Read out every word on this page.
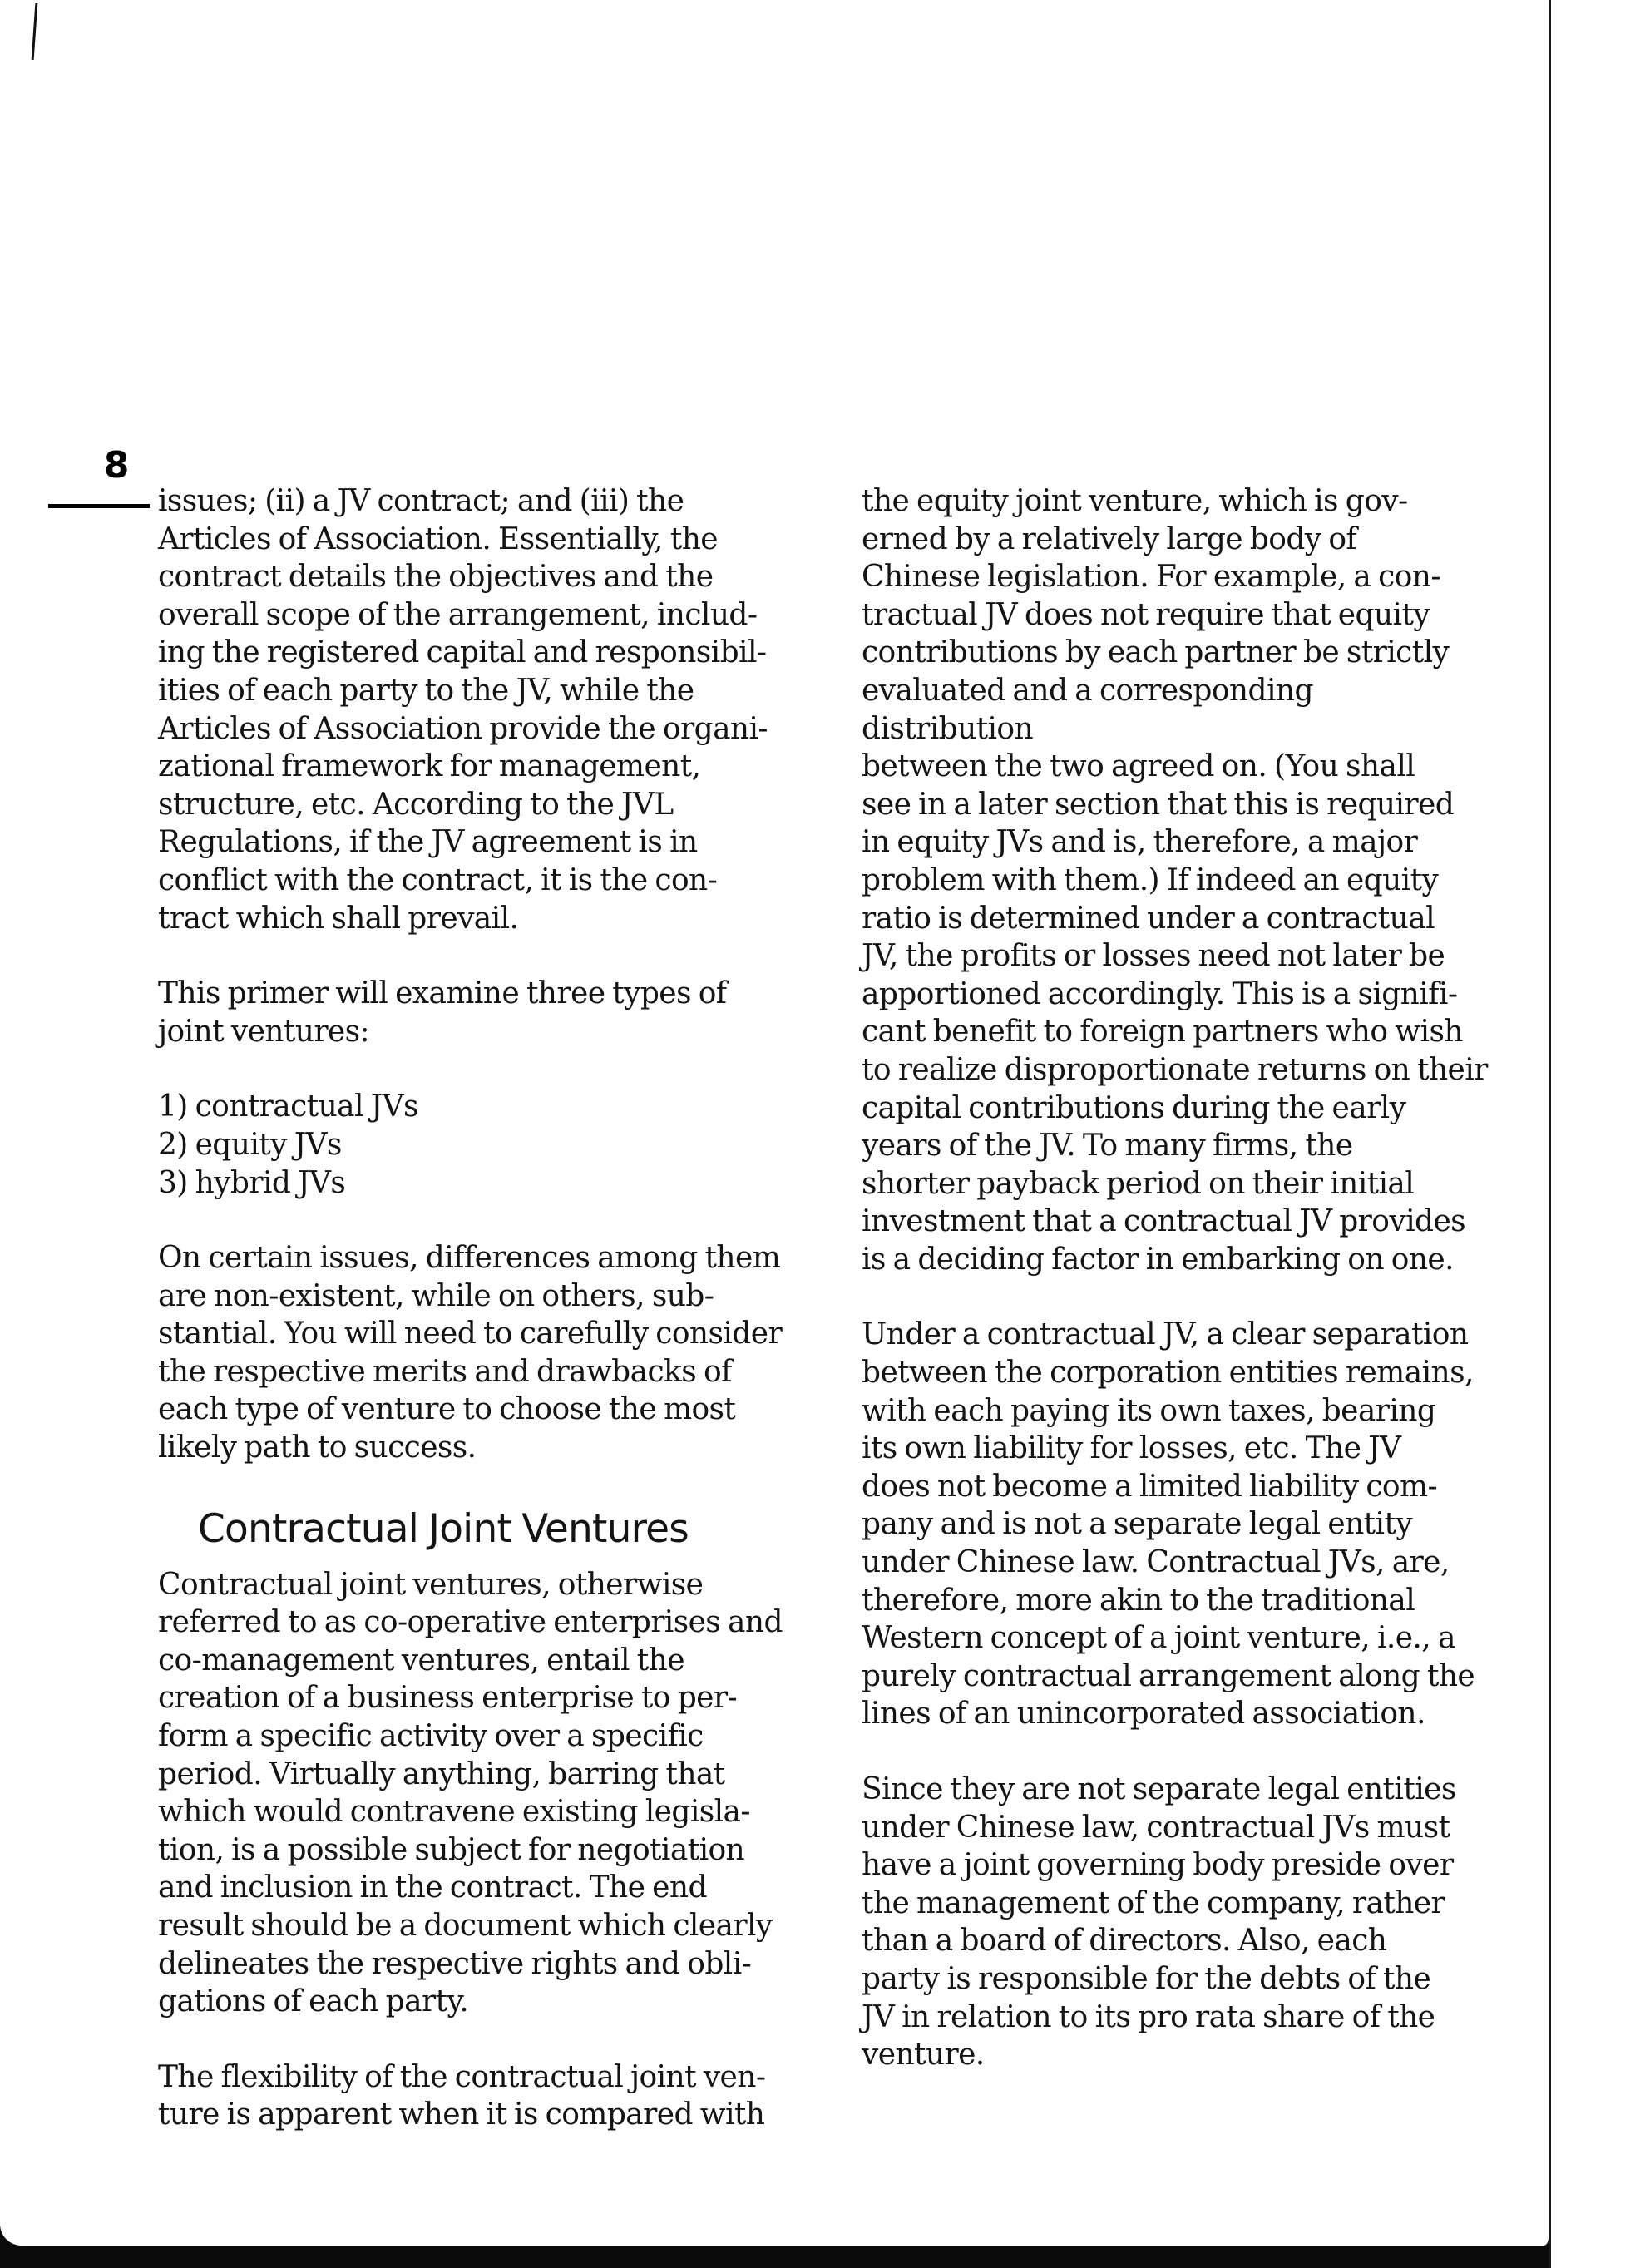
8

issues; (ii) a JV contract; and (iii) the
Articles of Association. Essentially, the
contract details the objectives and the
overall scope of the arrangement, includ-
ing the registered capital and responsibil-
ities of each party to the JV, while the
Articles of Association provide the organi-
zational framework for management,
structure, etc. According to the JVL
Regulations, if the JV agreement is in
conflict with the contract, it is the con-
tract which shall prevail.

This primer will examine three types of
joint ventures:

1) contractual JVs
2) equity JVs
3) hybrid JVs

On certain issues, differences among them
are non-existent, while on others, sub-
stantial. You will need to carefully consider
the respective merits and drawbacks of
each type of venture to choose the most
likely path to success.

Contractual Joint Ventures

Contractual joint ventures, otherwise
referred to as co-operative enterprises and
co-management ventures, entail the
creation of a business enterprise to per-
form a specific activity over a specific
period. Virtually anything, barring that
which would contravene existing legisla-
tion, is a possible subject for negotiation
and inclusion in the contract. The end
result should be a document which clearly
delineates the respective rights and obli-
gations of each party.

The flexibility of the contractual joint ven-
ture is apparent when it is compared with

the equity joint venture, which is gov-
erned by a relatively large body of
Chinese legislation. For example, a con-
tractual JV does not require that equity
contributions by each partner be strictly
evaluated and a corresponding distribution
between the two agreed on. (You shall
see in a later section that this is required
in equity JVs and is, therefore, a major
problem with them.) If indeed an equity
ratio is determined under a contractual
JV, the profits or losses need not later be
apportioned accordingly. This is a signifi-
cant benefit to foreign partners who wish
to realize disproportionate returns on their
capital contributions during the early
years of the JV. To many firms, the
shorter payback period on their initial
investment that a contractual JV provides
is a deciding factor in embarking on one.

Under a contractual JV, a clear separation
between the corporation entities remains,
with each paying its own taxes, bearing
its own liability for losses, etc. The JV
does not become a limited liability com-
pany and is not a separate legal entity
under Chinese law. Contractual JVs, are,
therefore, more akin to the traditional
Western concept of a joint venture, i.e., a
purely contractual arrangement along the
lines of an unincorporated association.

Since they are not separate legal entities
under Chinese law, contractual JVs must
have a joint governing body preside over
the management of the company, rather
than a board of directors. Also, each
party is responsible for the debts of the
JV in relation to its pro rata share of the
venture.
